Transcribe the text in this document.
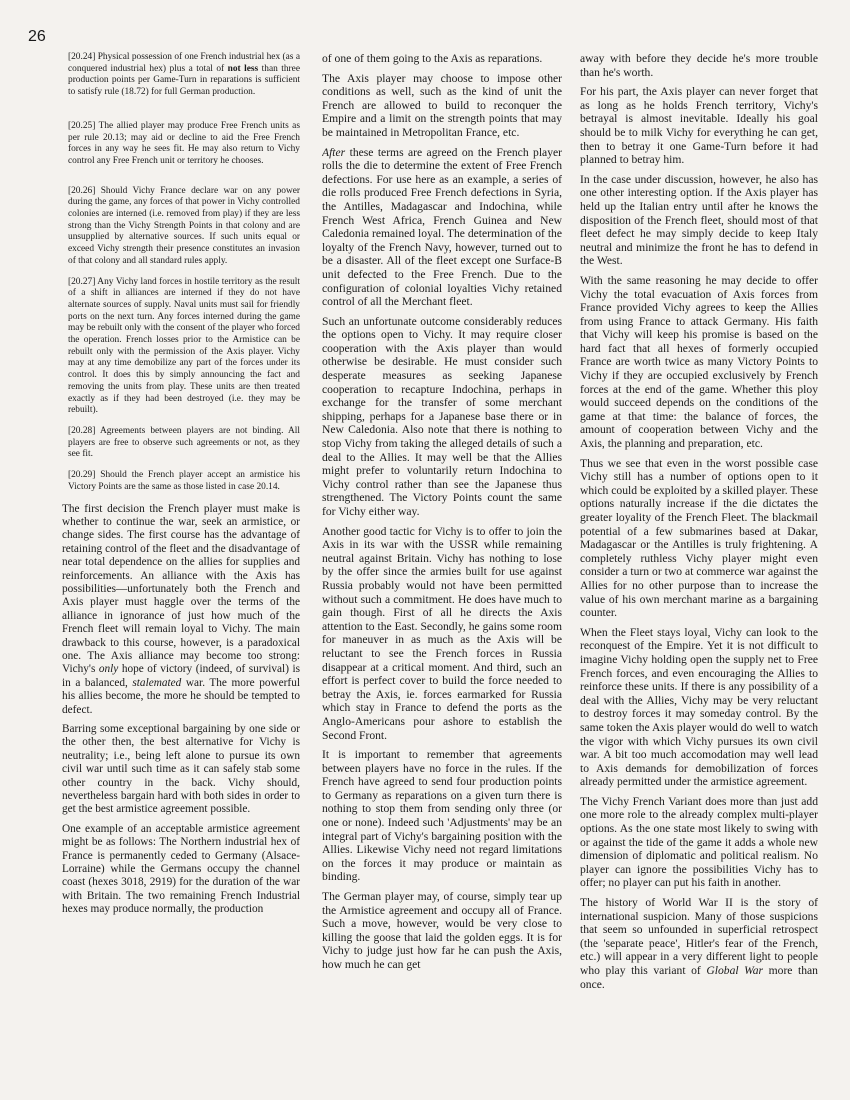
26

[20.24] Physical possession of one French industrial hex (as a conquered industrial hex) plus a total of not less than three production points per Game-Turn in reparations is sufficient to satisfy rule (18.72) for full German production.

[20.25] The allied player may produce Free French units as per rule 20.13; may aid or decline to aid the Free French forces in any way he sees fit. He may also return to Vichy control any Free French unit or territory he chooses.

[20.26] Should Vichy France declare war on any power during the game, any forces of that power in Vichy controlled colonies are interned (i.e. removed from play) if they are less strong than the Vichy Strength Points in that colony and are unsupplied by alternative sources. If such units equal or exceed Vichy strength their presence constitutes an invasion of that colony and all standard rules apply.

[20.27] Any Vichy land forces in hostile territory as the result of a shift in alliances are interned if they do not have alternate sources of supply. Naval units must sail for friendly ports on the next turn. Any forces interned during the game may be rebuilt only with the consent of the player who forced the operation. French losses prior to the Armistice can be rebuilt only with the permission of the Axis player. Vichy may at any time demobilize any part of the forces under its control. It does this by simply announcing the fact and removing the units from play. These units are then treated exactly as if they had been destroyed (i.e. they may be rebuilt).

[20.28] Agreements between players are not binding. All players are free to observe such agreements or not, as they see fit.

[20.29] Should the French player accept an armistice his Victory Points are the same as those listed in case 20.14.

The first decision the French player must make is whether to continue the war, seek an armistice, or change sides. The first course has the advantage of retaining control of the fleet and the disadvantage of near total dependence on the allies for supplies and reinforcements. An alliance with the Axis has possibilities—unfortunately both the French and Axis player must haggle over the terms of the alliance in ignorance of just how much of the French fleet will remain loyal to Vichy. The main drawback to this course, however, is a paradoxical one. The Axis alliance may become too strong: Vichy's only hope of victory (indeed, of survival) is in a balanced, stalemated war. The more powerful his allies become, the more he should be tempted to defect.

Barring some exceptional bargaining by one side or the other then, the best alternative for Vichy is neutrality; i.e., being left alone to pursue its own civil war until such time as it can safely stab some other country in the back. Vichy should, nevertheless bargain hard with both sides in order to get the best armistice agreement possible.

One example of an acceptable armistice agreement might be as follows: The Northern industrial hex of France is permanently ceded to Germany (Alsace-Lorraine) while the Germans occupy the channel coast (hexes 3018, 2919) for the duration of the war with Britain. The two remaining French Industrial hexes may produce normally, the production

of one of them going to the Axis as reparations.

The Axis player may choose to impose other conditions as well, such as the kind of unit the French are allowed to build to reconquer the Empire and a limit on the strength points that may be maintained in Metropolitan France, etc.

After these terms are agreed on the French player rolls the die to determine the extent of Free French defections. For use here as an example, a series of die rolls produced Free French defections in Syria, the Antilles, Madagascar and Indochina, while French West Africa, French Guinea and New Caledonia remained loyal. The determination of the loyalty of the French Navy, however, turned out to be a disaster. All of the fleet except one Surface-B unit defected to the Free French. Due to the configuration of colonial loyalties Vichy retained control of all the Merchant fleet.

Such an unfortunate outcome considerably reduces the options open to Vichy. It may require closer cooperation with the Axis player than would otherwise be desirable. He must consider such desperate measures as seeking Japanese cooperation to recapture Indochina, perhaps in exchange for the transfer of some merchant shipping, perhaps for a Japanese base there or in New Caledonia. Also note that there is nothing to stop Vichy from taking the alleged details of such a deal to the Allies. It may well be that the Allies might prefer to voluntarily return Indochina to Vichy control rather than see the Japanese thus strengthened. The Victory Points count the same for Vichy either way.

Another good tactic for Vichy is to offer to join the Axis in its war with the USSR while remaining neutral against Britain. Vichy has nothing to lose by the offer since the armies built for use against Russia probably would not have been permitted without such a commitment. He does have much to gain though. First of all he directs the Axis attention to the East. Secondly, he gains some room for maneuver in as much as the Axis will be reluctant to see the French forces in Russia disappear at a critical moment. And third, such an effort is perfect cover to build the force needed to betray the Axis, ie. forces earmarked for Russia which stay in France to defend the ports as the Anglo-Americans pour ashore to establish the Second Front.

It is important to remember that agreements between players have no force in the rules. If the French have agreed to send four production points to Germany as reparations on a given turn there is nothing to stop them from sending only three (or one or none). Indeed such 'Adjustments' may be an integral part of Vichy's bargaining position with the Allies. Likewise Vichy need not regard limitations on the forces it may produce or maintain as binding.

The German player may, of course, simply tear up the Armistice agreement and occupy all of France. Such a move, however, would be very close to killing the goose that laid the golden eggs. It is for Vichy to judge just how far he can push the Axis, how much he can get

away with before they decide he's more trouble than he's worth.

For his part, the Axis player can never forget that as long as he holds French territory, Vichy's betrayal is almost inevitable. Ideally his goal should be to milk Vichy for everything he can get, then to betray it one Game-Turn before it had planned to betray him.

In the case under discussion, however, he also has one other interesting option. If the Axis player has held up the Italian entry until after he knows the disposition of the French fleet, should most of that fleet defect he may simply decide to keep Italy neutral and minimize the front he has to defend in the West.

With the same reasoning he may decide to offer Vichy the total evacuation of Axis forces from France provided Vichy agrees to keep the Allies from using France to attack Germany. His faith that Vichy will keep his promise is based on the hard fact that all hexes of formerly occupied France are worth twice as many Victory Points to Vichy if they are occupied exclusively by French forces at the end of the game. Whether this ploy would succeed depends on the conditions of the game at that time: the balance of forces, the amount of cooperation between Vichy and the Axis, the planning and preparation, etc.

Thus we see that even in the worst possible case Vichy still has a number of options open to it which could be exploited by a skilled player. These options naturally increase if the die dictates the greater loyality of the French Fleet. The blackmail potential of a few submarines based at Dakar, Madagascar or the Antilles is truly frightening. A completely ruthless Vichy player might even consider a turn or two at commerce war against the Allies for no other purpose than to increase the value of his own merchant marine as a bargaining counter.

When the Fleet stays loyal, Vichy can look to the reconquest of the Empire. Yet it is not difficult to imagine Vichy holding open the supply net to Free French forces, and even encouraging the Allies to reinforce these units. If there is any possibility of a deal with the Allies, Vichy may be very reluctant to destroy forces it may someday control. By the same token the Axis player would do well to watch the vigor with which Vichy pursues its own civil war. A bit too much accomodation may well lead to Axis demands for demobilization of forces already permitted under the armistice agreement.

The Vichy French Variant does more than just add one more role to the already complex multi-player options. As the one state most likely to swing with or against the tide of the game it adds a whole new dimension of diplomatic and political realism. No player can ignore the possibilities Vichy has to offer; no player can put his faith in another.

The history of World War II is the story of international suspicion. Many of those suspicions that seem so unfounded in superficial retrospect (the 'separate peace', Hitler's fear of the French, etc.) will appear in a very different light to people who play this variant of Global War more than once.
